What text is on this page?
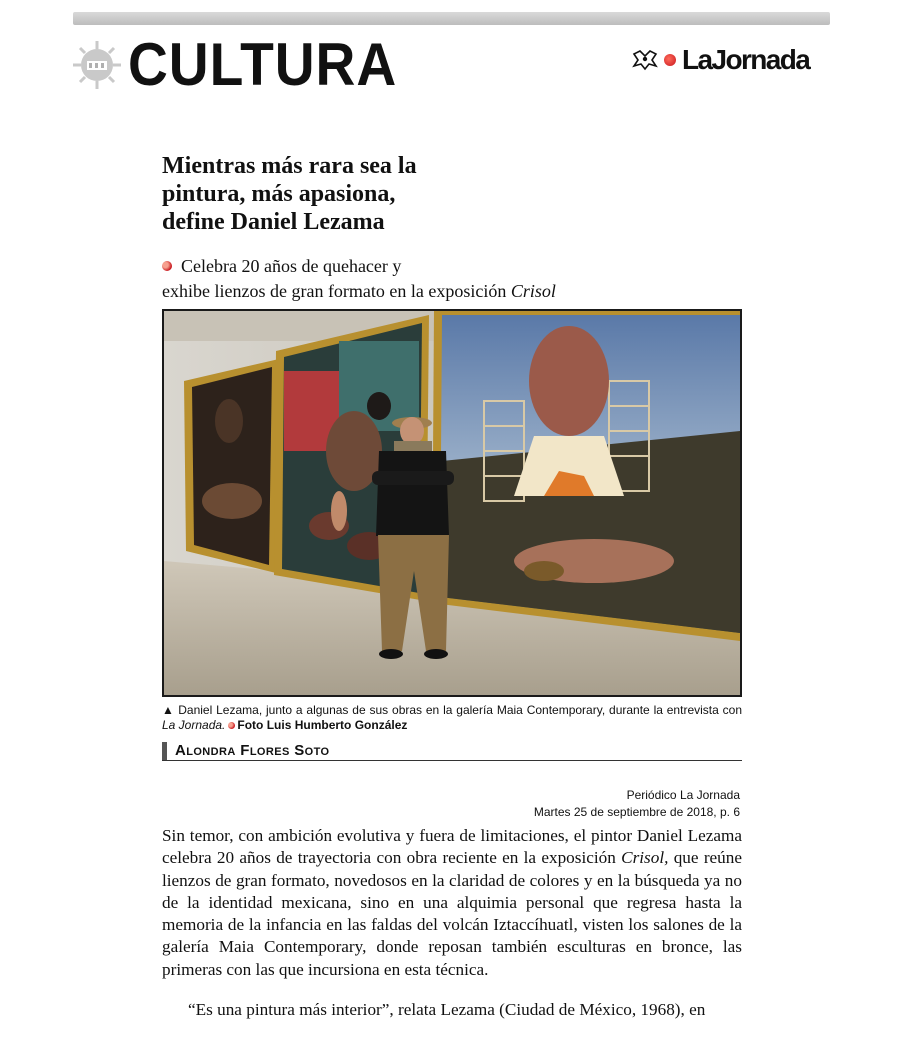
CULTURA	LaJornada
Mientras más rara sea la
pintura, más apasiona,
define Daniel Lezama
Celebra 20 años de quehacer y
exhibe lienzos de gran formato en la exposición Crisol
▲ Daniel Lezama, junto a algunas de sus obras en la galería Maia Contemporary, durante la entrevista con La Jornada. Foto Luis Humberto González
Alondra Flores Soto
Periódico La Jornada
Martes 25 de septiembre de 2018, p. 6

Sin temor, con ambición evolutiva y fuera de limitaciones, el pintor Daniel Lezama celebra 20 años de trayectoria con obra reciente en la exposición Crisol, que reúne lienzos de gran formato, novedosos en la claridad de colores y en la búsqueda ya no de la identidad mexicana, sino en una alquimia personal que regresa hasta la memoria de la infancia en las faldas del volcán Iztaccíhuatl, visten los salones de la galería Maia Contemporary, donde reposan también esculturas en bronce, las primeras con las que incursiona en esta técnica.

“Es una pintura más interior”, relata Lezama (Ciudad de México, 1968), en
